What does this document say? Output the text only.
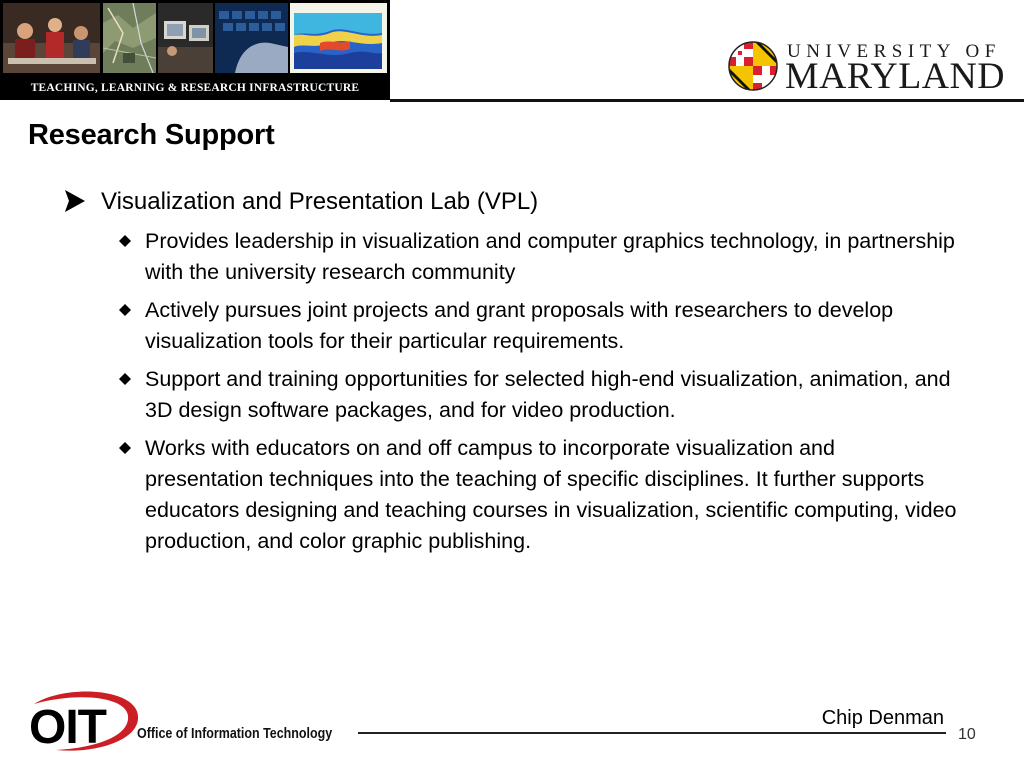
TEACHING, LEARNING & RESEARCH INFRASTRUCTURE
UNIVERSITY OF
MARYLAND
Research Support
Visualization and Presentation Lab (VPL)
Provides leadership in visualization and computer graphics technology, in partnership with the university research community
Actively pursues joint projects and grant proposals with researchers to develop visualization tools for their particular requirements.
Support and training opportunities for selected high-end visualization, animation, and 3D design software packages, and for video production.
Works with educators on and off campus to incorporate visualization and presentation techniques into the teaching of specific disciplines. It further supports educators designing and teaching courses in visualization, scientific computing, video production, and color graphic publishing.
OIT Office of Information Technology
Chip Denman
10
